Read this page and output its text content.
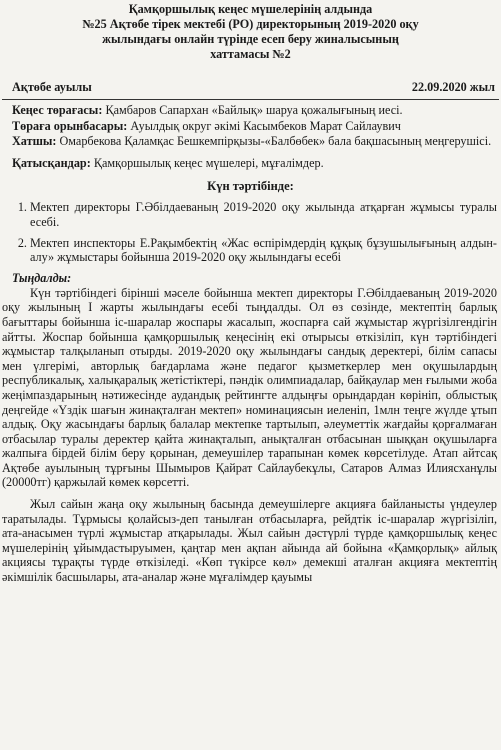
Қамқоршылық кеңес мүшелерінің алдында
№25 Ақтөбе тірек мектебі (РО) директорының 2019-2020 оқу
жылындағы онлайн түрінде есеп беру жиналысының
хаттамасы №2
Ақтөбе ауылы	22.09.2020 жыл
Кеңес төрағасы: Қамбаров Сапархан «Байлық» шаруа қожалығының иесі.
Төраға орынбасары: Ауылдық округ әкімі Касымбеков Марат Сайлаувич
Хатшы: Омарбекова Қаламқас Бешкемпірқызы-«Балбөбек» бала бақшасының меңгерушісі.
Қатысқандар: Қамқоршылық кеңес мүшелері, мұғалімдер.
Күн тәртібінде:
1. Мектеп директоры Г.Әбілдаеваның 2019-2020 оқу жылында атқарған жұмысы туралы есебі.
2. Мектеп инспекторы Е.Рақымбектің «Жас өспірімдердің құқық бұзушылығының алдын-алу» жұмыстары бойынша 2019-2020 оқу жылындағы есебі
Тыңдалды:
Күн тәртібіндегі бірінші мәселе бойынша мектеп директоры Г.Әбілдаеваның 2019-2020 оқу жылының І жарты жылындағы есебі тыңдалды. Ол өз сөзінде, мектептің барлық бағыттары бойынша іс-шаралар жоспары жасалып, жоспарға сай жұмыстар жүргізілгендігін айтты. Жоспар бойынша қамқоршылық кеңесінің екі отырысы өткізіліп, күн тәртібіндегі жұмыстар талқыланып отырды. 2019-2020 оқу жылындағы сандық деректері, білім сапасы мен үлгерімі, авторлық бағдарлама және педагог қызметкерлер мен оқушылардың республикалық, халықаралық жетістіктері, пәндік олимпиадалар, байқаулар мен ғылыми жоба жеңімпаздарының нәтижесінде аудандық рейтингте алдыңғы орындардан көрініп, облыстық деңгейде «Үздік шағын жинақталған мектеп» номинациясын иеленіп, 1млн теңге жүлде ұтып алдық. Оқу жасындағы барлық балалар мектепке тартылып, әлеуметтік жағдайы қорғалмаған отбасылар туралы деректер қайта жинақталып, анықталған отбасынан шыққан оқушыларға жалпыға бірдей білім беру қорынан, демеушілер тарапынан көмек көрсетілуде. Атап айтсақ Ақтөбе ауылының тұрғыны Шымыров Қайрат Сайлаубекұлы, Сатаров Алмаз Илиясханұлы (20000тг) қаржылай көмек көрсетті.
Жыл сайын жаңа оқу жылының басында демеушілерге акцияға байланысты үндеулер таратылады. Тұрмысы қолайсыз-деп танылған отбасыларға, рейдтік іс-шаралар жүргізіліп, ата-анасымен түрлі жұмыстар атқарылады. Жыл сайын дәстүрлі түрде қамқоршылық кеңес мүшелерінің ұйымдастыруымен, қаңтар мен ақпан айында ай бойына «Қамқорлық» айлық акциясы тұрақты түрде өткізіледі. «Көп түкірсе көл» демекші аталған акцияға мектептің әкімшілік басшылары, ата-аналар және мұғалімдер қауымы
